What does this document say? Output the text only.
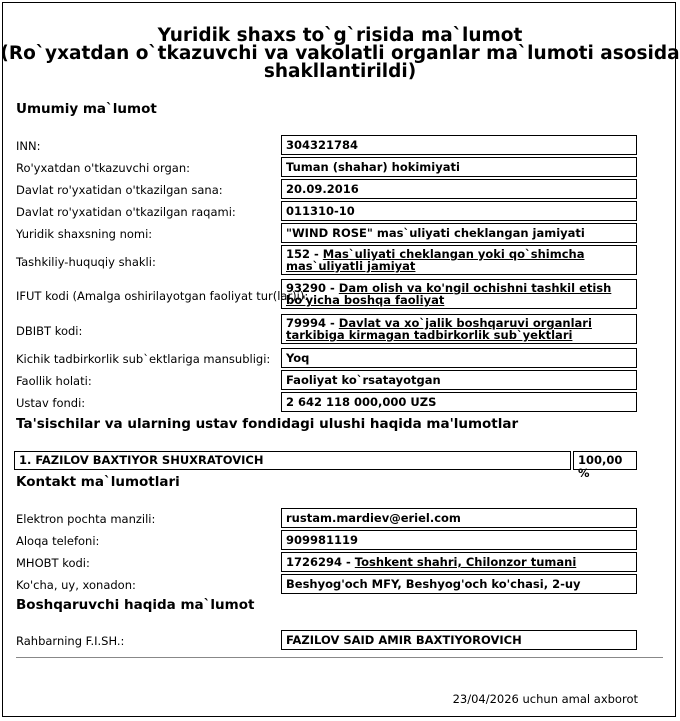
Yuridik shaxs to`g`risida ma`lumot
(Ro`yxatdan o`tkazuvchi va vakolatli organlar ma`lumoti asosida
shakllantirildi)
Umumiy ma`lumot
INN:	304321784
Ro'yxatdan o'tkazuvchi organ:	Tuman (shahar) hokimiyati
Davlat ro'yxatidan o'tkazilgan sana:	20.09.2016
Davlat ro'yxatidan o'tkazilgan raqami:	011310-10
Yuridik shaxsning nomi:	"WIND ROSE" mas`uliyati cheklangan jamiyati
Tashkiliy-huquqiy shakli:
152 - Mas`uliyati cheklangan yoki qo`shimcha mas`uliyatli jamiyat
IFUT kodi (Amalga oshirilayotgan faoliyat tur(lar)i):
93290 - Dam olish va ko'ngil ochishni tashkil etish bo'yicha boshqa faoliyat
DBIBT kodi:
79994 - Davlat va xo`jalik boshqaruvi organlari tarkibiga kirmagan tadbirkorlik sub`yektlari
Kichik tadbirkorlik sub`ektlariga mansubligi:	Yoq
Faollik holati:	Faoliyat ko`rsatayotgan
Ustav fondi:	2 642 118 000,000 UZS
Ta'sischilar va ularning ustav fondidagi ulushi haqida ma'lumotlar
1. FAZILOV BAXTIYOR SHUXRATOVICH	100,00 %
Kontakt ma`lumotlari
Elektron pochta manzili:	rustam.mardiev@eriel.com
Aloqa telefoni:	909981119
MHOBT kodi:	1726294 - Toshkent shahri, Chilonzor tumani
Ko'cha, uy, xonadon:	Beshyog'och MFY, Beshyog'och ko'chasi, 2-uy
Boshqaruvchi haqida ma`lumot
Rahbarning F.I.SH.:	FAZILOV SAID AMIR BAXTIYOROVICH
23/04/2026 uchun amal axborot
